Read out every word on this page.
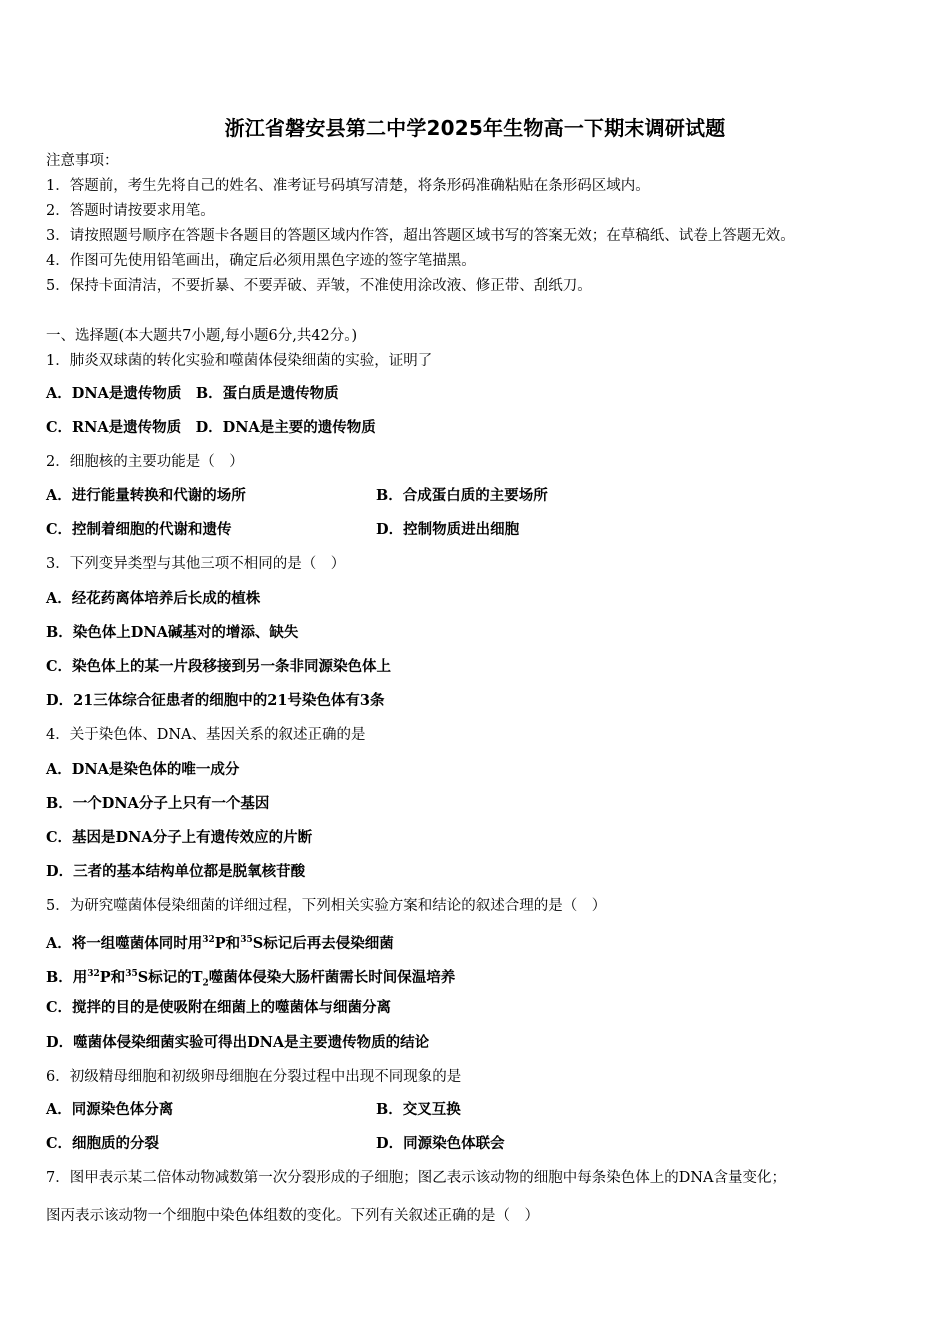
浙江省磐安县第二中学2025年生物高一下期末调研试题
注意事项：
1．答题前，考生先将自己的姓名、准考证号码填写清楚，将条形码准确粘贴在条形码区域内。
2．答题时请按要求用笔。
3．请按照题号顺序在答题卡各题目的答题区域内作答，超出答题区域书写的答案无效；在草稿纸、试卷上答题无效。
4．作图可先使用铅笔画出，确定后必须用黑色字迹的签字笔描黑。
5．保持卡面清洁，不要折暴、不要弄破、弄皱，不准使用涂改液、修正带、刮纸刀。
一、选择题(本大题共7小题,每小题6分,共42分。)
1．肺炎双球菌的转化实验和噬菌体侵染细菌的实验，证明了
A．DNA是遗传物质　B．蛋白质是遗传物质
C．RNA是遗传物质　D．DNA是主要的遗传物质
2．细胞核的主要功能是（　）
A．进行能量转换和代谢的场所	B．合成蛋白质的主要场所
C．控制着细胞的代谢和遗传	D．控制物质进出细胞
3．下列变异类型与其他三项不相同的是（　）
A．经花药离体培养后长成的植株
B．染色体上DNA碱基对的增添、缺失
C．染色体上的某一片段移接到另一条非同源染色体上
D．21三体综合征患者的细胞中的21号染色体有3条
4．关于染色体、DNA、基因关系的叙述正确的是
A．DNA是染色体的唯一成分
B．一个DNA分子上只有一个基因
C．基因是DNA分子上有遗传效应的片断
D．三者的基本结构单位都是脱氧核苷酸
5．为研究噬菌体侵染细菌的详细过程，下列相关实验方案和结论的叙述合理的是（　）
A．将一组噬菌体同时用$^{32}$P和$^{35}$S标记后再去侵染细菌
B．用$^{32}$P和$^{35}$S标记的$T_2$噬菌体侵染大肠杆菌需长时间保温培养
C．搅拌的目的是使吸附在细菌上的噬菌体与细菌分离
D．噬菌体侵染细菌实验可得出DNA是主要遗传物质的结论
6．初级精母细胞和初级卵母细胞在分裂过程中出现不同现象的是
A．同源染色体分离	B．交叉互换
C．细胞质的分裂	D．同源染色体联会
7．图甲表示某二倍体动物减数第一次分裂形成的子细胞；图乙表示该动物的细胞中每条染色体上的DNA含量变化；
图丙表示该动物一个细胞中染色体组数的变化。下列有关叙述正确的是（　）
